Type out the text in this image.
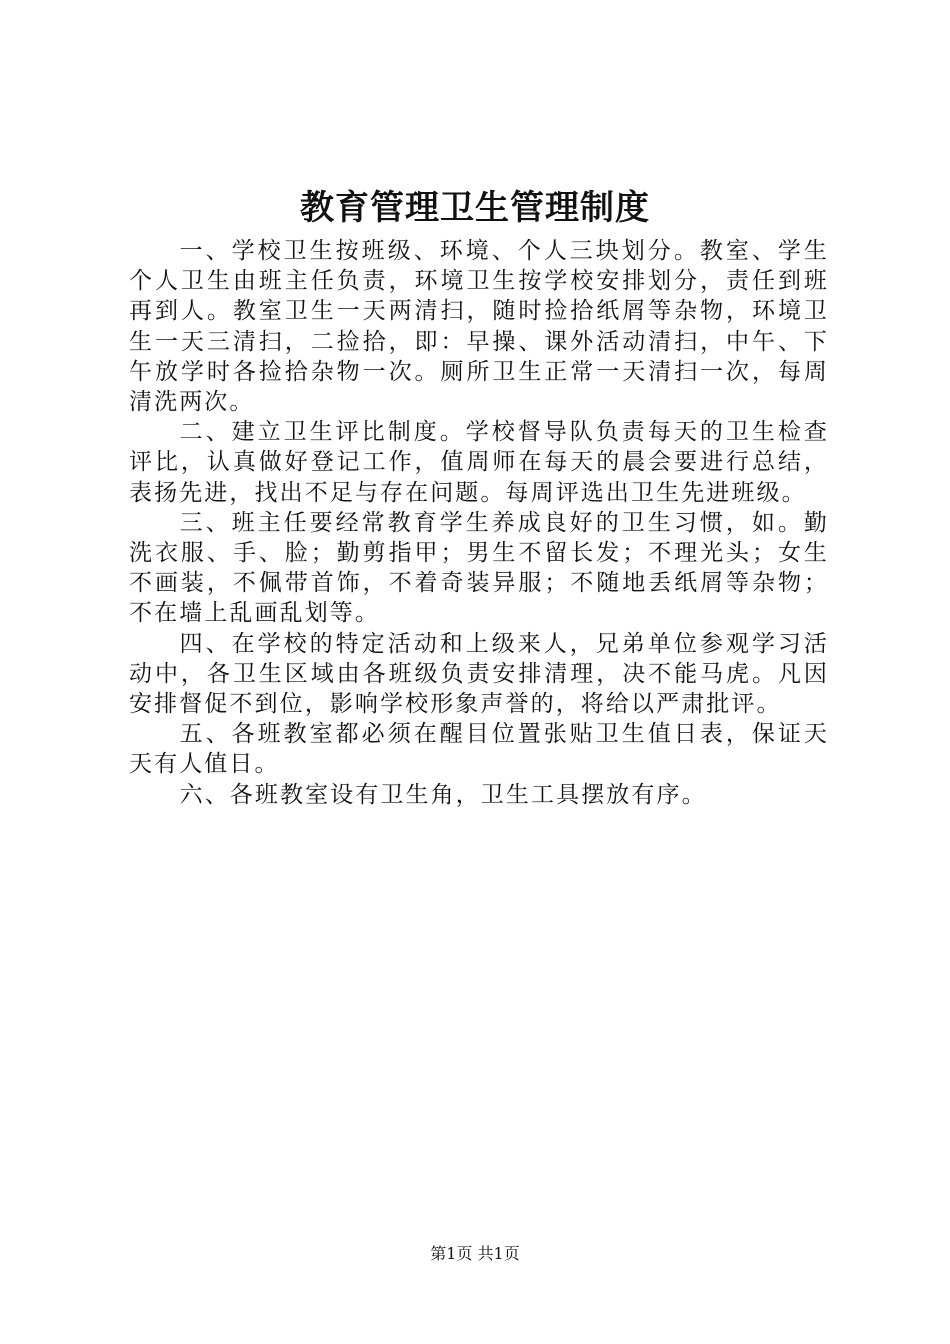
教育管理卫生管理制度

一、学校卫生按班级、环境、个人三块划分。教室、学生个人卫生由班主任负责，环境卫生按学校安排划分，责任到班再到人。教室卫生一天两清扫，随时捡拾纸屑等杂物，环境卫生一天三清扫，二捡拾，即：早操、课外活动清扫，中午、下午放学时各捡拾杂物一次。厕所卫生正常一天清扫一次，每周清洗两次。

二、建立卫生评比制度。学校督导队负责每天的卫生检查评比，认真做好登记工作，值周师在每天的晨会要进行总结，表扬先进，找出不足与存在问题。每周评选出卫生先进班级。

三、班主任要经常教育学生养成良好的卫生习惯，如。勤洗衣服、手、脸；勤剪指甲；男生不留长发；不理光头；女生不画装，不佩带首饰，不着奇装异服；不随地丢纸屑等杂物；不在墙上乱画乱划等。

四、在学校的特定活动和上级来人，兄弟单位参观学习活动中，各卫生区域由各班级负责安排清理，决不能马虎。凡因安排督促不到位，影响学校形象声誉的，将给以严肃批评。

五、各班教室都必须在醒目位置张贴卫生值日表，保证天天有人值日。

六、各班教室设有卫生角，卫生工具摆放有序。

第1页 共1页
